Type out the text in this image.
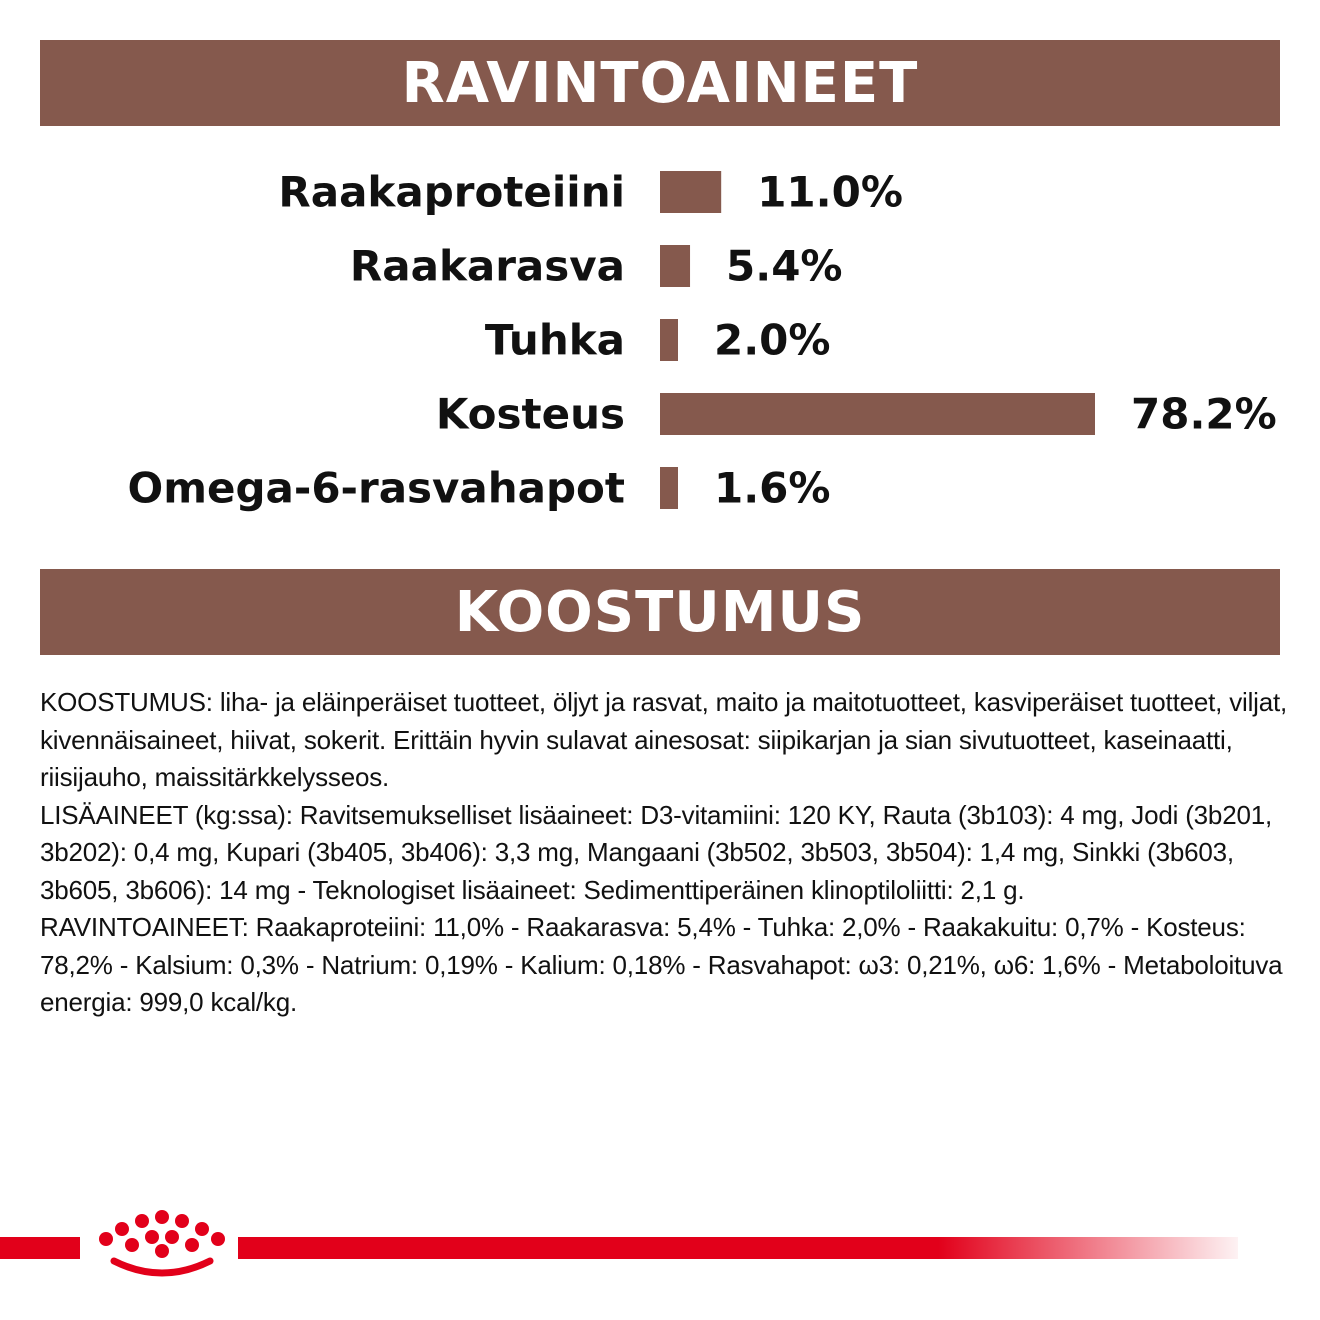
RAVINTOAINEET
Raakaproteiini	11.0%
Raakarasva 5.4%
Tuhka 2.0%
Kosteus	78.2%
Omega-6-rasvahapot 1.6%
KOOSTUMUS

KOOSTUMUS: liha- ja eläinperäiset tuotteet, öljyt ja rasvat, maito ja maitotuotteet, kasviperäiset tuotteet, viljat, kivennäisaineet, hiivat, sokerit. Erittäin hyvin sulavat ainesosat: siipikarjan ja sian sivutuotteet, kaseinaatti, riisijauho, maissitärkkelysseos.

LISÄAINEET (kg:ssa): Ravitsemukselliset lisäaineet: D3-vitamiini: 120 KY, Rauta (3b103): 4 mg, Jodi (3b201, 3b202): 0,4 mg, Kupari (3b405, 3b406): 3,3 mg, Mangaani (3b502, 3b503, 3b504): 1,4 mg, Sinkki (3b603, 3b605, 3b606): 14 mg - Teknologiset lisäaineet: Sedimenttiperäinen klinoptiloliitti: 2,1 g.

RAVINTOAINEET: Raakaproteiini: 11,0% - Raakarasva: 5,4% - Tuhka: 2,0% - Raakakuitu: 0,7% - Kosteus: 78,2% - Kalsium: 0,3% - Natrium: 0,19% - Kalium: 0,18% - Rasvahapot: ω3: 0,21%, ω6: 1,6% - Metaboloituva energia: 999,0 kcal/kg.
